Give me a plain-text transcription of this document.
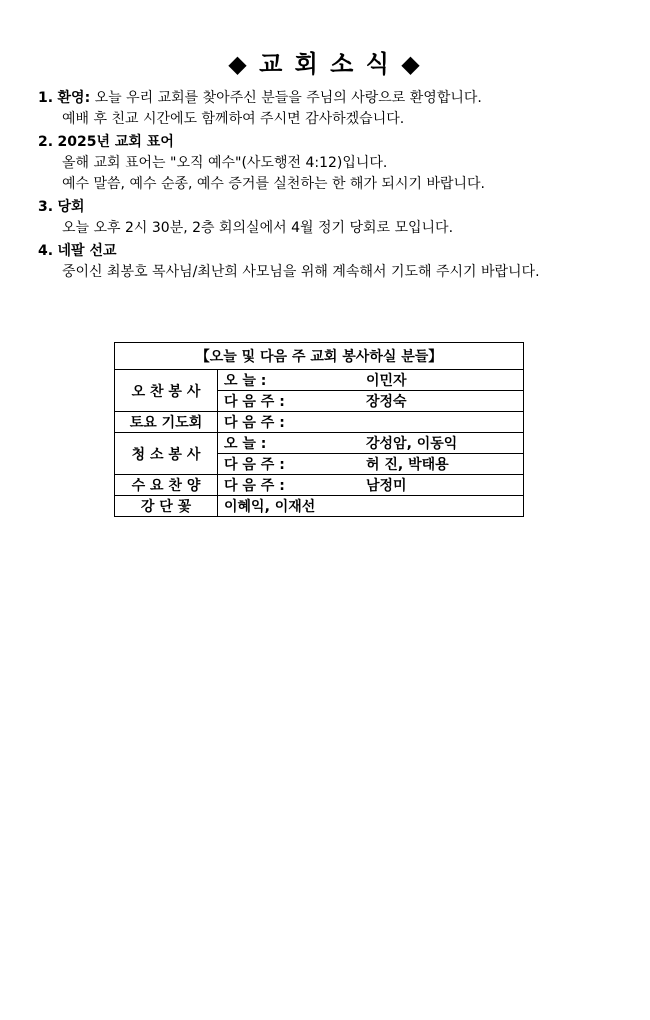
◆ 교 회 소 식 ◆
1. 환영: 오늘 우리 교회를 찾아주신 분들을 주님의 사랑으로 환영합니다.
예배 후 친교 시간에도 함께하여 주시면 감사하겠습니다.
2. 2025년 교회 표어
올해 교회 표어는 "오직 예수"(사도행전 4:12)입니다.
예수 말씀, 예수 순종, 예수 증거를 실천하는 한 해가 되시기 바랍니다.
3. 당회
오늘 오후 2시 30분, 2층 회의실에서 4월 정기 당회로 모입니다.
4. 네팔 선교
중이신 최봉호 목사님/최난희 사모님을 위해 계속해서 기도해 주시기 바랍니다.
【오늘 및 다음 주 교회 봉사하실 분들】		
오 찬 봉 사	오 늘 :	이민자
	다 음 주 :	장정숙
토요 기도회	다 음 주 :	
청 소 봉 사	오 늘 :	강성암, 이동익
	다 음 주 :	허 진, 박태용
수 요 찬 양	다 음 주 :	남정미
강 단 꽃	이혜익, 이재선	
